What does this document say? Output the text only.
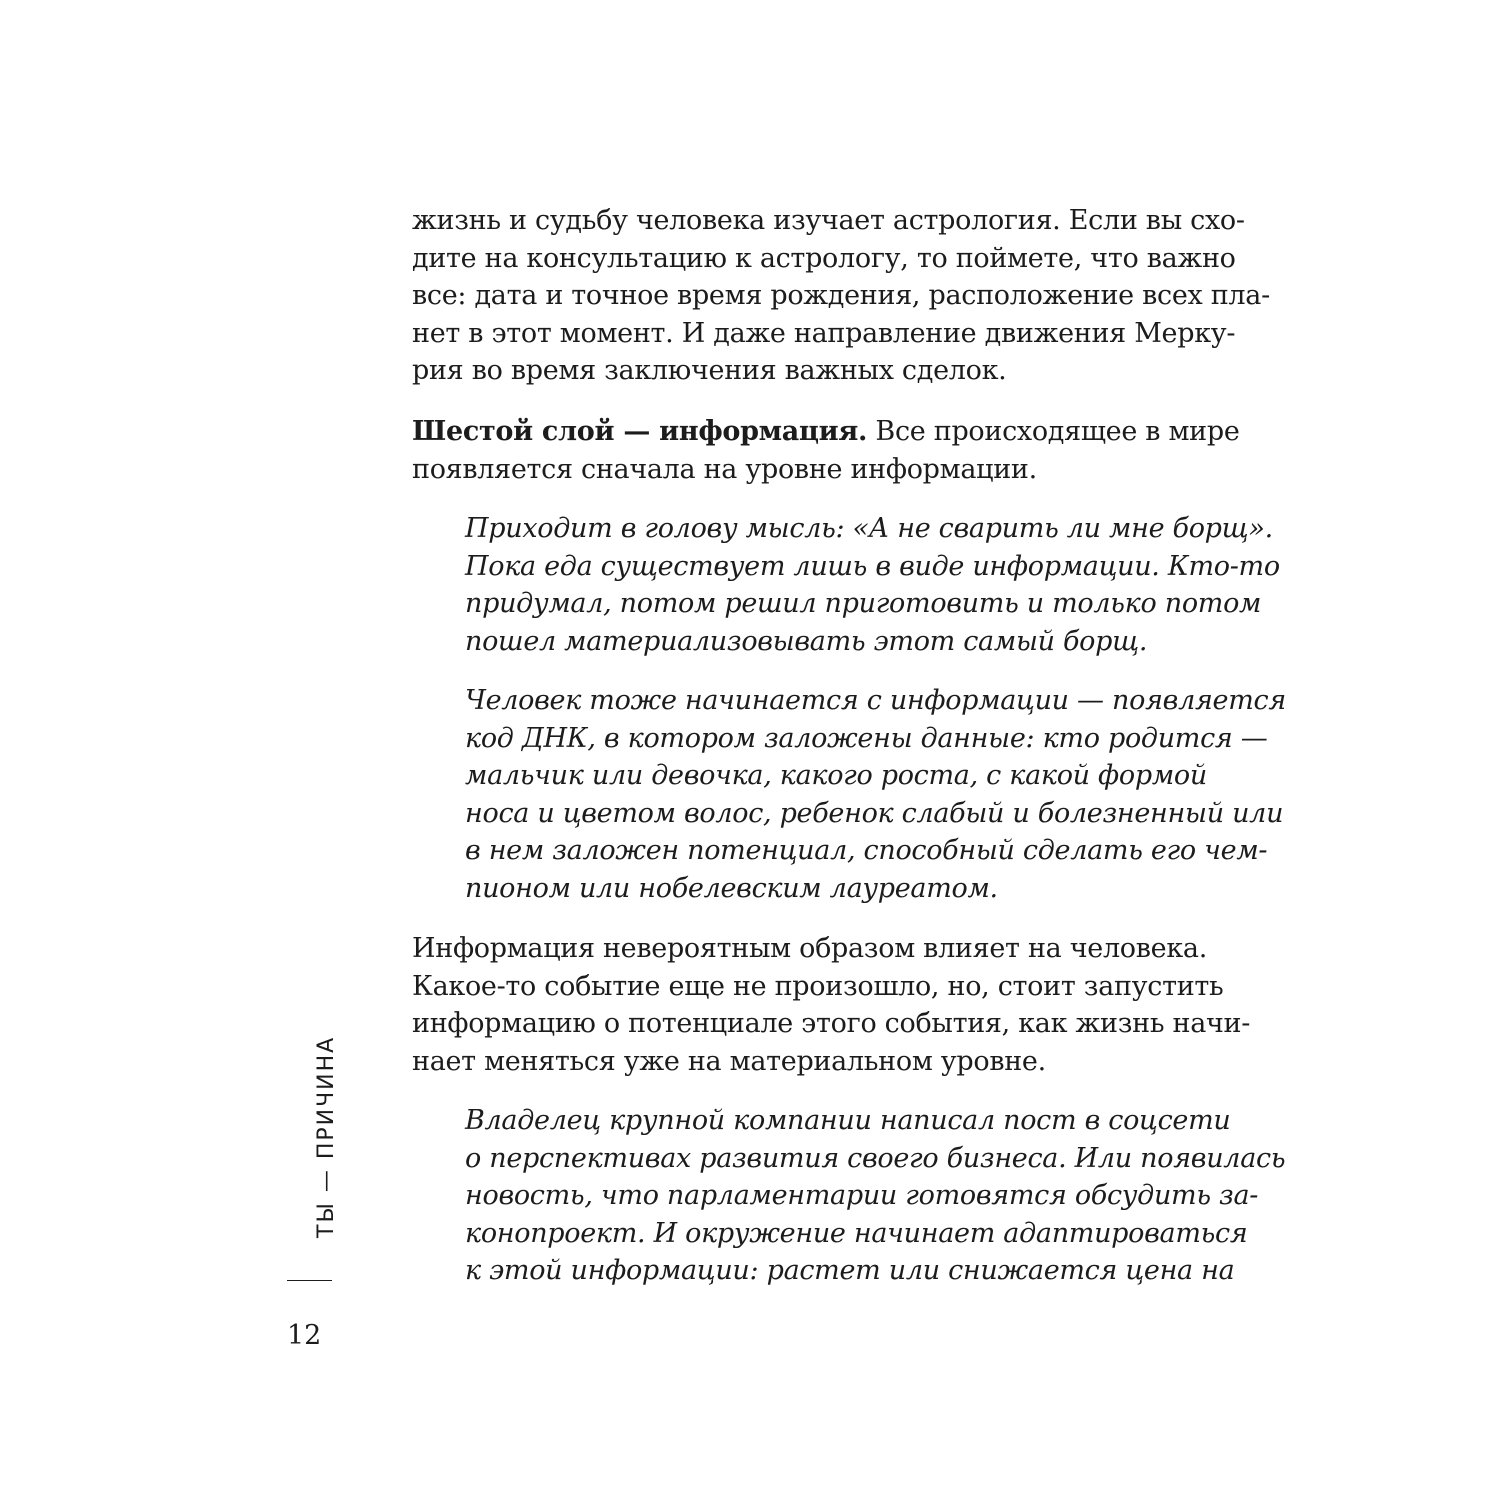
жизнь и судьбу человека изучает астрология. Если вы схо-
дите на консультацию к астрологу, то поймете, что важно
все: дата и точное время рождения, расположение всех пла-
нет в этот момент. И даже направление движения Мерку-
рия во время заключения важных сделок.
Шестой слой — информация. Все происходящее в мире
появляется сначала на уровне информации.
Приходит в голову мысль: «А не сварить ли мне борщ».
Пока еда существует лишь в виде информации. Кто-то
придумал, потом решил приготовить и только потом
пошел материализовывать этот самый борщ.
Человек тоже начинается с информации — появляется
код ДНК, в котором заложены данные: кто родится —
мальчик или девочка, какого роста, с какой формой
носа и цветом волос, ребенок слабый и болезненный или
в нем заложен потенциал, способный сделать его чем-
пионом или нобелевским лауреатом.
Информация невероятным образом влияет на человека.
Какое-то событие еще не произошло, но, стоит запустить
информацию о потенциале этого события, как жизнь начи-
нает меняться уже на материальном уровне.
Владелец крупной компании написал пост в соцсети
о перспективах развития своего бизнеса. Или появилась
новость, что парламентарии готовятся обсудить за-
конопроект. И окружение начинает адаптироваться
к этой информации: растет или снижается цена на
ТЫ — ПРИЧИНА
12
